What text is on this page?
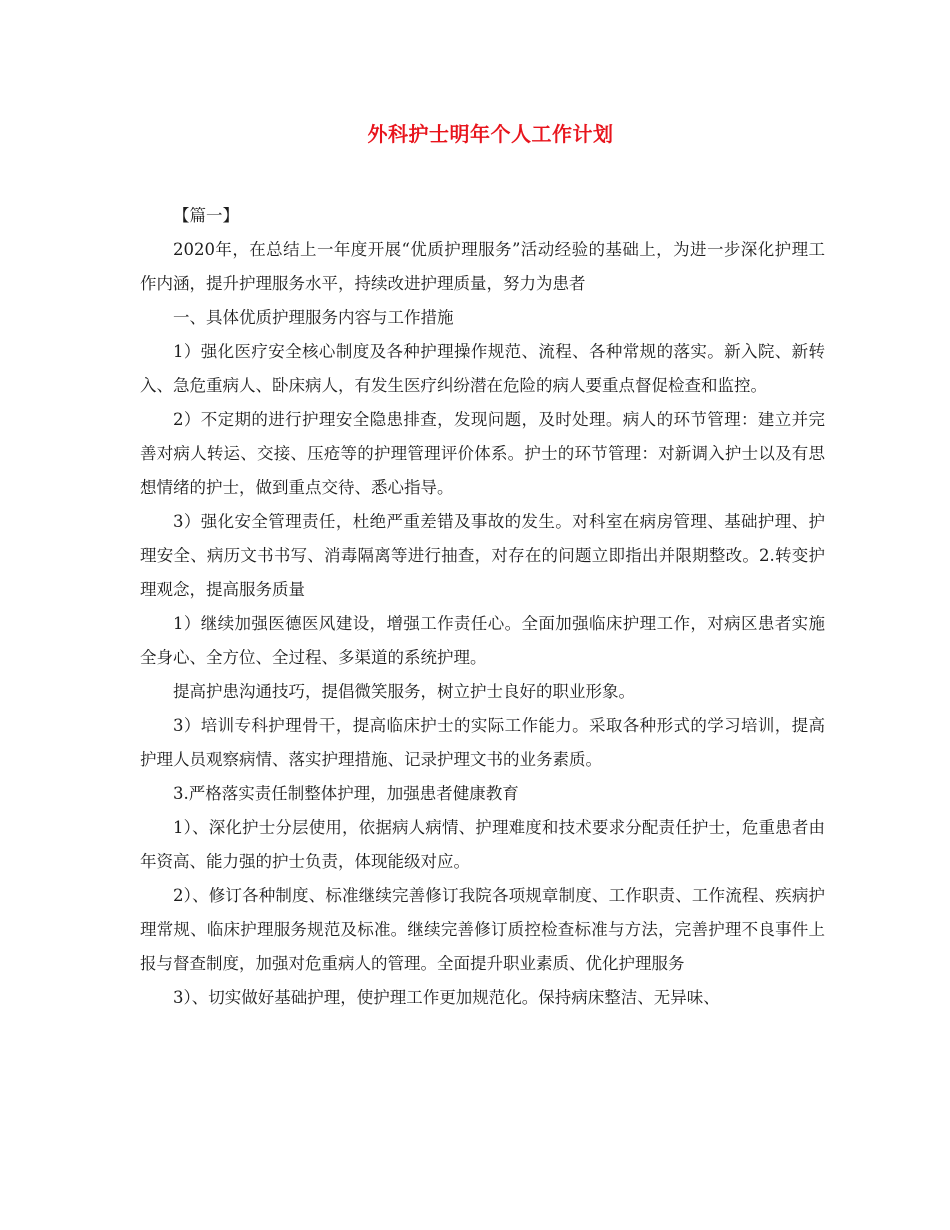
外科护士明年个人工作计划

【篇一】

2020年，在总结上一年度开展“优质护理服务”活动经验的基础上，为进一步深化护理工作内涵，提升护理服务水平，持续改进护理质量，努力为患者

一、具体优质护理服务内容与工作措施

1）强化医疗安全核心制度及各种护理操作规范、流程、各种常规的落实。新入院、新转入、急危重病人、卧床病人，有发生医疗纠纷潜在危险的病人要重点督促检查和监控。

2）不定期的进行护理安全隐患排查，发现问题，及时处理。病人的环节管理：建立并完善对病人转运、交接、压疮等的护理管理评价体系。护士的环节管理：对新调入护士以及有思想情绪的护士，做到重点交待、悉心指导。

3）强化安全管理责任，杜绝严重差错及事故的发生。对科室在病房管理、基础护理、护理安全、病历文书书写、消毒隔离等进行抽查，对存在的问题立即指出并限期整改。2.转变护理观念，提高服务质量

1）继续加强医德医风建设，增强工作责任心。全面加强临床护理工作，对病区患者实施全身心、全方位、全过程、多渠道的系统护理。

提高护患沟通技巧，提倡微笑服务，树立护士良好的职业形象。

3）培训专科护理骨干，提高临床护士的实际工作能力。采取各种形式的学习培训，提高护理人员观察病情、落实护理措施、记录护理文书的业务素质。

3.严格落实责任制整体护理，加强患者健康教育

1）、深化护士分层使用，依据病人病情、护理难度和技术要求分配责任护士，危重患者由年资高、能力强的护士负责，体现能级对应。

2）、修订各种制度、标准继续完善修订我院各项规章制度、工作职责、工作流程、疾病护理常规、临床护理服务规范及标准。继续完善修订质控检查标准与方法，完善护理不良事件上报与督查制度，加强对危重病人的管理。全面提升职业素质、优化护理服务

3）、切实做好基础护理，使护理工作更加规范化。保持病床整洁、无异味、
